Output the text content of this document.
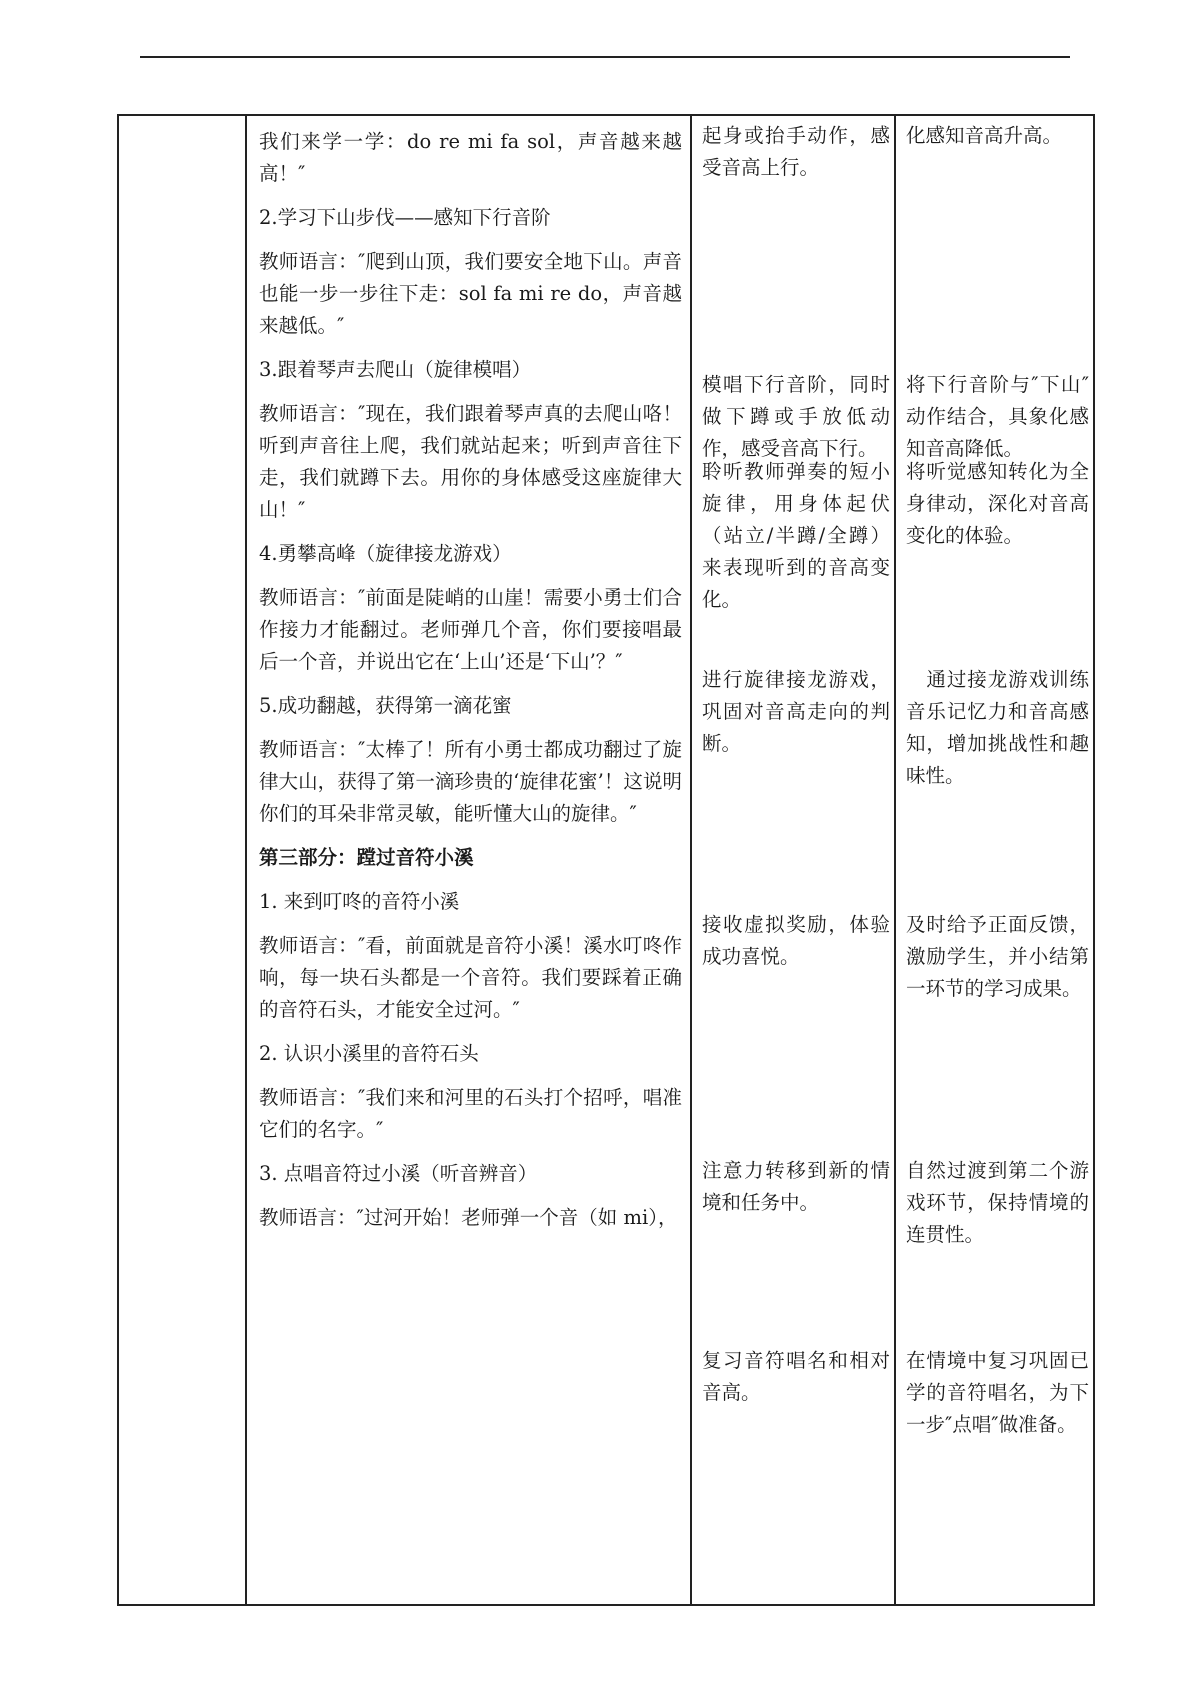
我们来学一学：do re mi fa sol，声音越来越高！″

2.学习下山步伐——感知下行音阶

教师语言：″爬到山顶，我们要安全地下山。声音也能一步一步往下走：sol fa mi re do，声音越来越低。″

3.跟着琴声去爬山（旋律模唱）

教师语言：″现在，我们跟着琴声真的去爬山咯！听到声音往上爬，我们就站起来；听到声音往下走，我们就蹲下去。用你的身体感受这座旋律大山！″

4.勇攀高峰（旋律接龙游戏）

教师语言：″前面是陡峭的山崖！需要小勇士们合作接力才能翻过。老师弹几个音，你们要接唱最后一个音，并说出它在‘上山’还是‘下山’？″

5.成功翻越，获得第一滴花蜜

教师语言：″太棒了！所有小勇士都成功翻过了旋律大山，获得了第一滴珍贵的‘旋律花蜜’！这说明你们的耳朵非常灵敏，能听懂大山的旋律。″

第三部分：蹚过音符小溪

1. 来到叮咚的音符小溪

教师语言：″看，前面就是音符小溪！溪水叮咚作响，每一块石头都是一个音符。我们要踩着正确的音符石头，才能安全过河。″

2. 认识小溪里的音符石头

教师语言：″我们来和河里的石头打个招呼，唱准它们的名字。″

3. 点唱音符过小溪（听音辨音）

教师语言：″过河开始！老师弹一个音（如 mi），

起身或抬手动作，感受音高上行。
模唱下行音阶，同时做下蹲或手放低动作，感受音高下行。
聆听教师弹奏的短小旋律，用身体起伏（站立/半蹲/全蹲）来表现听到的音高变化。
进行旋律接龙游戏，巩固对音高走向的判断。
接收虚拟奖励，体验成功喜悦。
注意力转移到新的情境和任务中。
复习音符唱名和相对音高。
化感知音高升高。
将下行音阶与″下山″动作结合，具象化感知音高降低。
将听觉感知转化为全身律动，深化对音高变化的体验。
　通过接龙游戏训练音乐记忆力和音高感知，增加挑战性和趣味性。
及时给予正面反馈，激励学生，并小结第一环节的学习成果。
自然过渡到第二个游戏环节，保持情境的连贯性。
在情境中复习巩固已学的音符唱名，为下一步″点唱″做准备。
